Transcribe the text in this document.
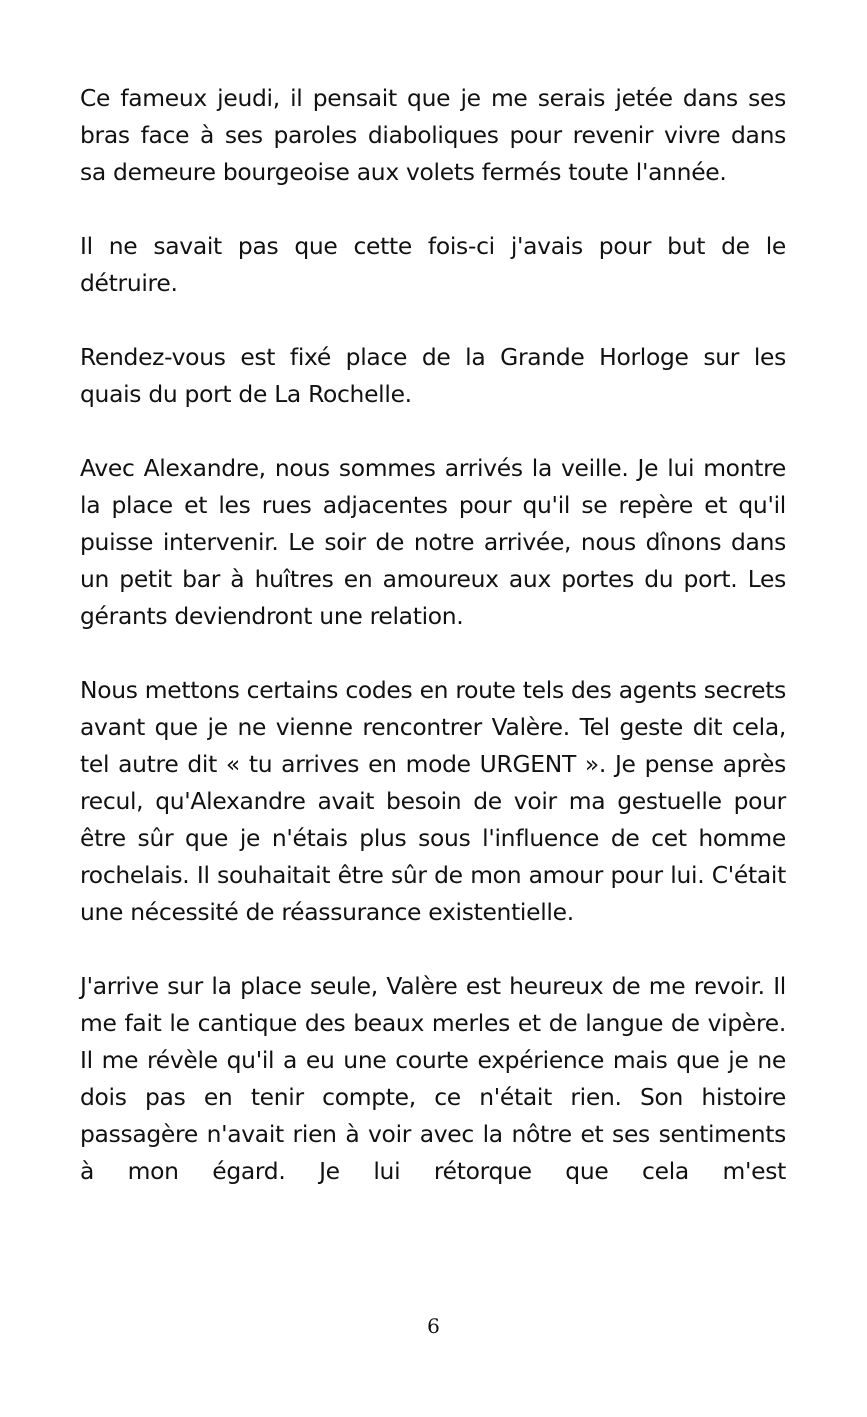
Ce fameux jeudi, il pensait que je me serais jetée dans ses bras face à ses paroles diaboliques pour revenir vivre dans sa demeure bourgeoise aux volets fermés toute l'année.

Il ne savait pas que cette fois-ci j'avais pour but de le détruire.

Rendez-vous est fixé place de la Grande Horloge sur les quais du port de La Rochelle.

Avec Alexandre, nous sommes arrivés la veille. Je lui montre la place et les rues adjacentes pour qu'il se repère et qu'il puisse intervenir. Le soir de notre arrivée, nous dînons dans un petit bar à huîtres en amoureux aux portes du port. Les gérants deviendront une relation.

Nous mettons certains codes en route tels des agents secrets avant que je ne vienne rencontrer Valère. Tel geste dit cela, tel autre dit « tu arrives en mode URGENT ». Je pense après recul, qu'Alexandre avait besoin de voir ma gestuelle pour être sûr que je n'étais plus sous l'influence de cet homme rochelais. Il souhaitait être sûr de mon amour pour lui. C'était une nécessité de réassurance existentielle.

J'arrive sur la place seule, Valère est heureux de me revoir. Il me fait le cantique des beaux merles et de langue de vipère. Il me révèle qu'il a eu une courte expérience mais que je ne dois pas en tenir compte, ce n'était rien. Son histoire passagère n'avait rien à voir avec la nôtre et ses sentiments à mon égard. Je lui rétorque que cela m'est

6
